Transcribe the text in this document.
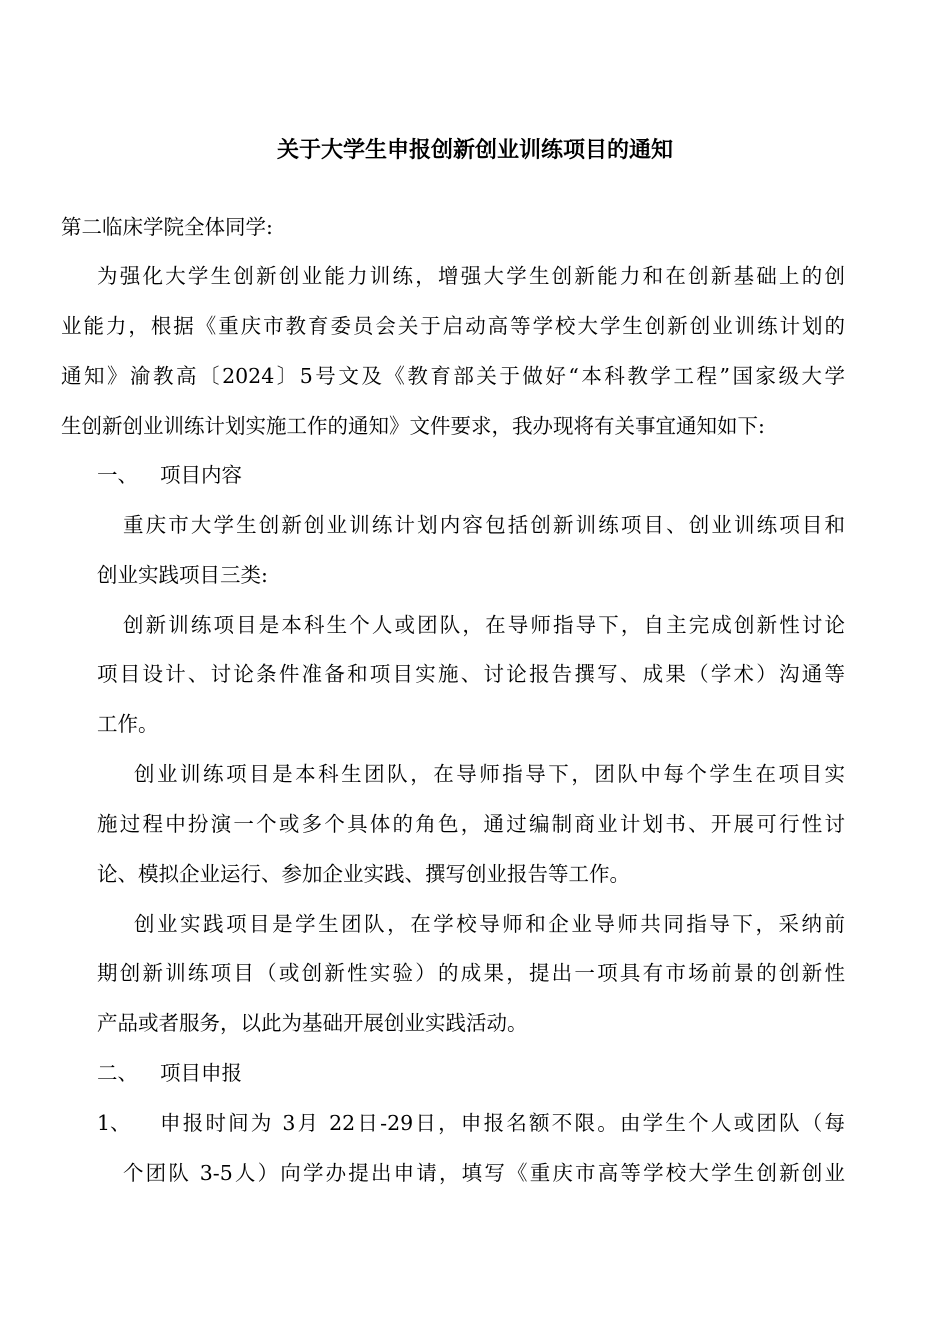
关于大学生申报创新创业训练项目的通知
第二临床学院全体同学:
为强化大学生创新创业能力训练，增强大学生创新能力和在创新基础上的创
业能力，根据《重庆市教育委员会关于启动高等学校大学生创新创业训练计划的
通知》渝教高〔2024〕5号文及《教育部关于做好“本科教学工程”国家级大学
生创新创业训练计划实施工作的通知》文件要求，我办现将有关事宜通知如下:
一、 项目内容
重庆市大学生创新创业训练计划内容包括创新训练项目、创业训练项目和
创业实践项目三类:
创新训练项目是本科生个人或团队，在导师指导下，自主完成创新性讨论
项目设计、讨论条件准备和项目实施、讨论报告撰写、成果（学术）沟通等
工作。
创业训练项目是本科生团队，在导师指导下，团队中每个学生在项目实
施过程中扮演一个或多个具体的角色，通过编制商业计划书、开展可行性讨
论、模拟企业运行、参加企业实践、撰写创业报告等工作。
创业实践项目是学生团队，在学校导师和企业导师共同指导下，采纳前
期创新训练项目（或创新性实验）的成果，提出一项具有市场前景的创新性
产品或者服务，以此为基础开展创业实践活动。
二、 项目申报
1、 申报时间为 3月 22日-29日，申报名额不限。由学生个人或团队（每
个团队 3-5人）向学办提出申请，填写《重庆市高等学校大学生创新创业
